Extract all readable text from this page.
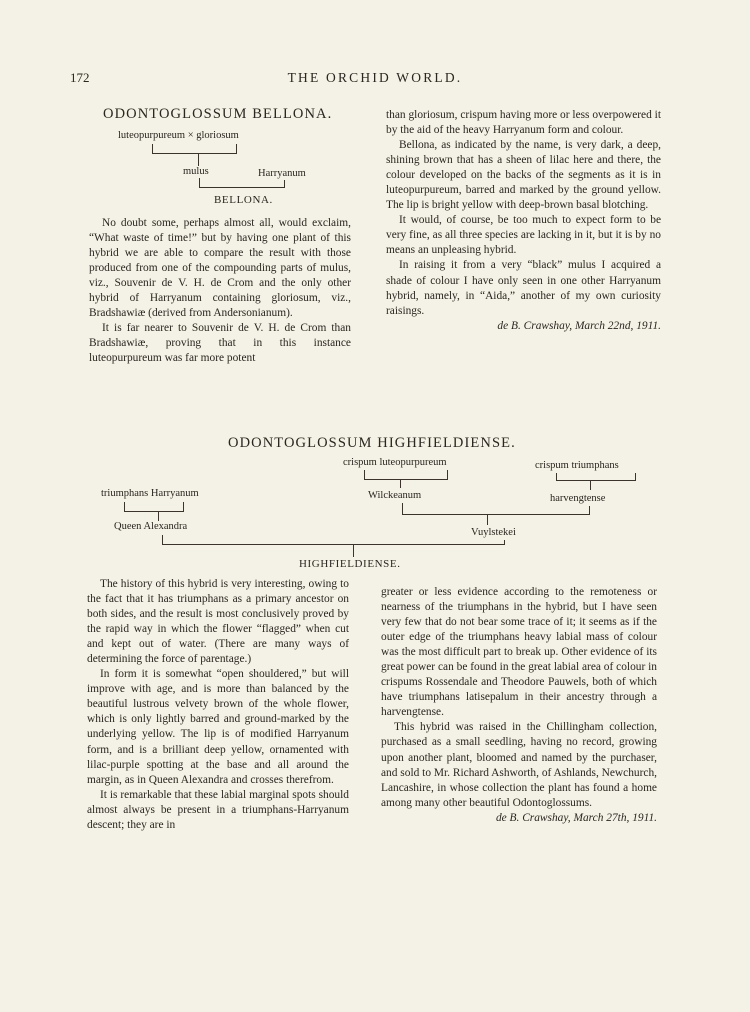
172	THE ORCHID WORLD.
ODONTOGLOSSUM BELLONA.
luteopurpureum × gloriosum
mulus	Harryanum
BELLONA.

No doubt some, perhaps almost all, would exclaim, “What waste of time!” but by having one plant of this hybrid we are able to compare the result with those produced from one of the compounding parts of mulus, viz., Souvenir de V. H. de Crom and the only other hybrid of Harryanum containing gloriosum, viz., Bradshawiæ (derived from Andersonianum).

It is far nearer to Souvenir de V. H. de Crom than Bradshawiæ, proving that in this instance luteopurpureum was far more potent

than gloriosum, crispum having more or less overpowered it by the aid of the heavy Harryanum form and colour.

Bellona, as indicated by the name, is very dark, a deep, shining brown that has a sheen of lilac here and there, the colour developed on the backs of the segments as it is in luteopurpureum, barred and marked by the ground yellow. The lip is bright yellow with deep-brown basal blotching.

It would, of course, be too much to expect form to be very fine, as all three species are lacking in it, but it is by no means an unpleasing hybrid.

In raising it from a very “black” mulus I acquired a shade of colour I have only seen in one other Harryanum hybrid, namely, in “Aida,” another of my own curiosity raisings.

de B. Crawshay, March 22nd, 1911.
ODONTOGLOSSUM HIGHFIELDIENSE.
crispum luteopurpureum	crispum triumphans
Wilckeanum	harvengtense
triumphans Harryanum
Queen Alexandra
Vuylstekei
HIGHFIELDIENSE.

The history of this hybrid is very interesting, owing to the fact that it has triumphans as a primary ancestor on both sides, and the result is most conclusively proved by the rapid way in which the flower “flagged” when cut and kept out of water. (There are many ways of determining the force of parentage.)

In form it is somewhat “open shouldered,” but will improve with age, and is more than balanced by the beautiful lustrous velvety brown of the whole flower, which is only lightly barred and ground-marked by the underlying yellow. The lip is of modified Harryanum form, and is a brilliant deep yellow, ornamented with lilac-purple spotting at the base and all around the margin, as in Queen Alexandra and crosses therefrom.

It is remarkable that these labial marginal spots should almost always be present in a triumphans-Harryanum descent; they are in

greater or less evidence according to the remoteness or nearness of the triumphans in the hybrid, but I have seen very few that do not bear some trace of it; it seems as if the outer edge of the triumphans heavy labial mass of colour was the most difficult part to break up. Other evidence of its great power can be found in the great labial area of colour in crispums Rossendale and Theodore Pauwels, both of which have triumphans latisepalum in their ancestry through a harvengtense.

This hybrid was raised in the Chillingham collection, purchased as a small seedling, having no record, growing upon another plant, bloomed and named by the purchaser, and sold to Mr. Richard Ashworth, of Ashlands, Newchurch, Lancashire, in whose collection the plant has found a home among many other beautiful Odontoglossums.

de B. Crawshay, March 27th, 1911.
